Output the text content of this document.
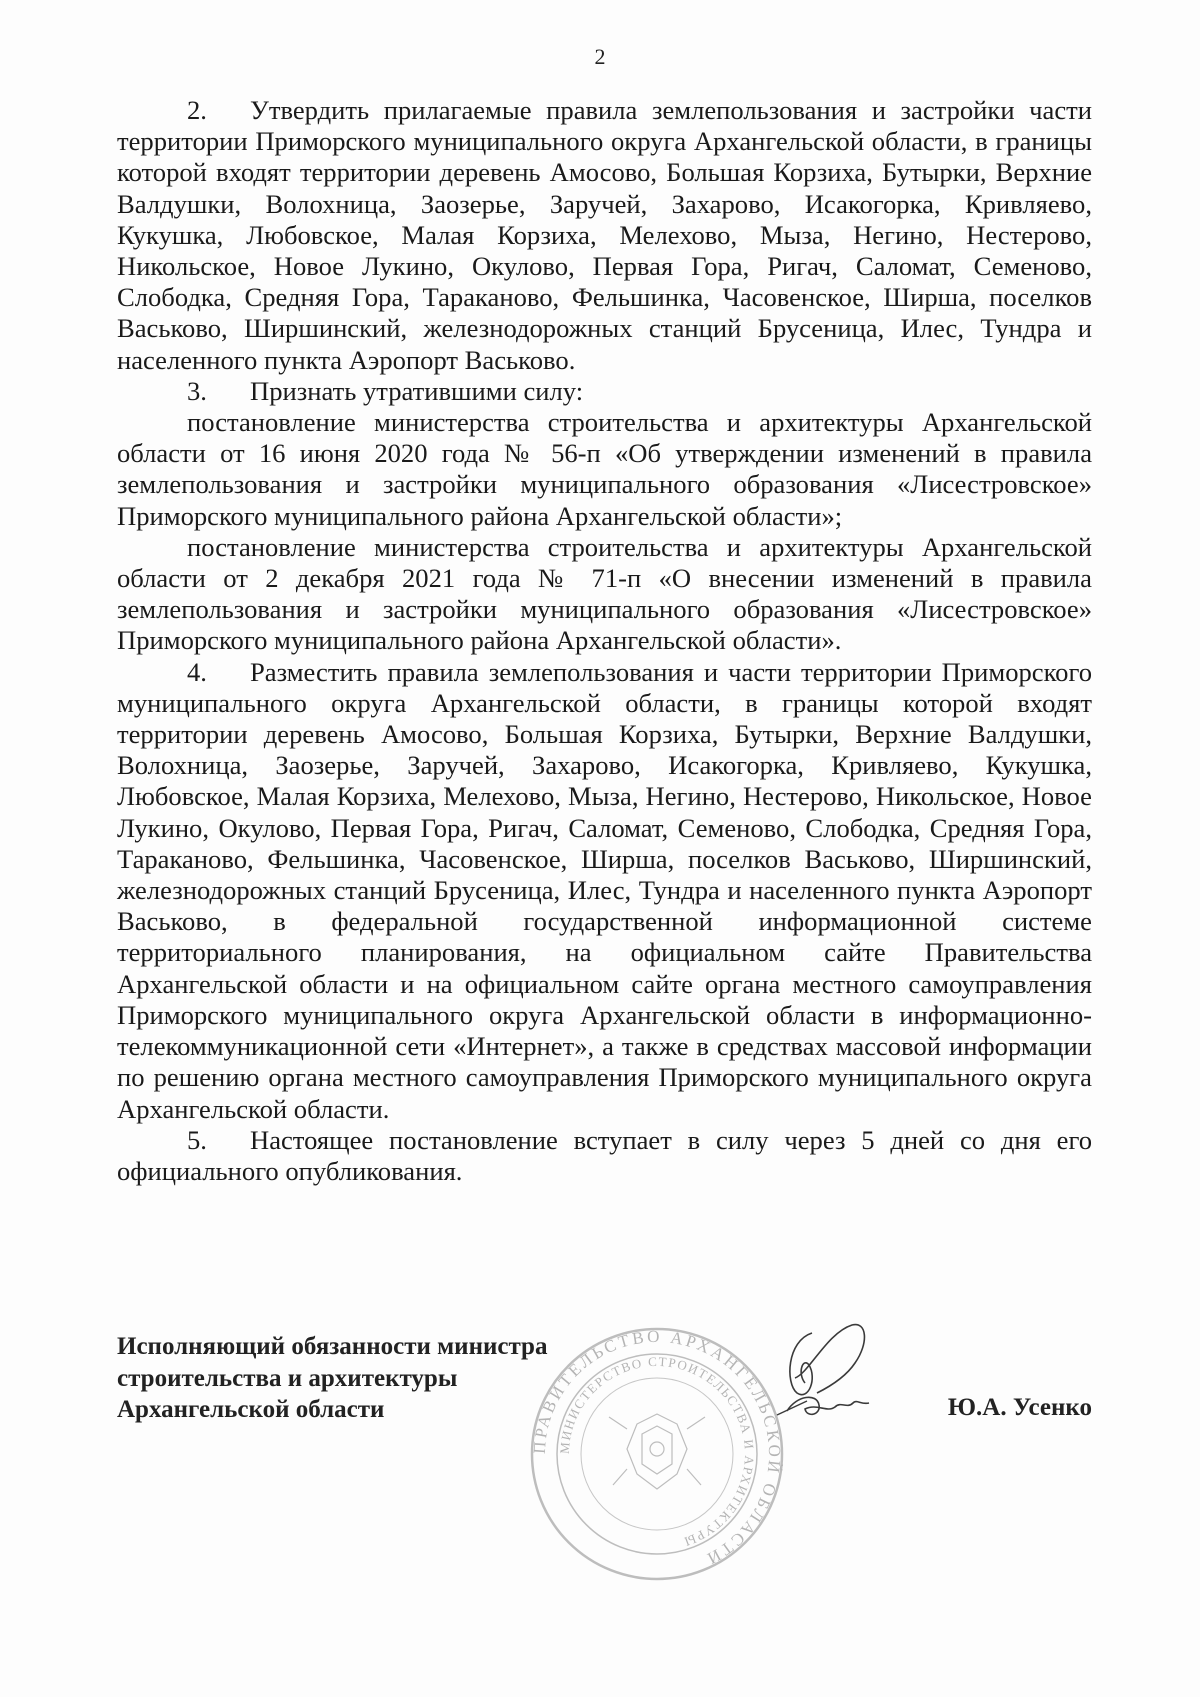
2

2. Утвердить прилагаемые правила землепользования и застройки части территории Приморского муниципального округа Архангельской области, в границы которой входят территории деревень Амосово, Большая Корзиха, Бутырки, Верхние Валдушки, Волохница, Заозерье, Заручей, Захарово, Исакогорка, Кривляево, Кукушка, Любовское, Малая Корзиха, Мелехово, Мыза, Негино, Нестерово, Никольское, Новое Лукино, Окулово, Первая Гора, Ригач, Саломат, Семеново, Слободка, Средняя Гора, Тараканово, Фельшинка, Часовенское, Ширша, поселков Васьково, Ширшинский, железнодорожных станций Брусеница, Илес, Тундра и населенного пункта Аэропорт Васьково.

3. Признать утратившими силу:

постановление министерства строительства и архитектуры Архангельской области от 16 июня 2020 года № 56-п «Об утверждении изменений в правила землепользования и застройки муниципального образования «Лисестровское» Приморского муниципального района Архангельской области»;

постановление министерства строительства и архитектуры Архангельской области от 2 декабря 2021 года № 71-п «О внесении изменений в правила землепользования и застройки муниципального образования «Лисестровское» Приморского муниципального района Архангельской области».

4. Разместить правила землепользования и части территории Приморского муниципального округа Архангельской области, в границы которой входят территории деревень Амосово, Большая Корзиха, Бутырки, Верхние Валдушки, Волохница, Заозерье, Заручей, Захарово, Исакогорка, Кривляево, Кукушка, Любовское, Малая Корзиха, Мелехово, Мыза, Негино, Нестерово, Никольское, Новое Лукино, Окулово, Первая Гора, Ригач, Саломат, Семеново, Слободка, Средняя Гора, Тараканово, Фельшинка, Часовенское, Ширша, поселков Васьково, Ширшинский, железнодорожных станций Брусеница, Илес, Тундра и населенного пункта Аэропорт Васьково, в федеральной государственной информационной системе территориального планирования, на официальном сайте Правительства Архангельской области и на официальном сайте органа местного самоуправления Приморского муниципального округа Архангельской области в информационно-телекоммуникационной сети «Интернет», а также в средствах массовой информации по решению органа местного самоуправления Приморского муниципального округа Архангельской области.

5. Настоящее постановление вступает в силу через 5 дней со дня его официального опубликования.

Исполняющий обязанности министра
строительства и архитектуры
Архангельской области
ПРАВИТЕЛЬСТВО АРХАНГЕЛЬСКОЙ ОБЛАСТИ
МИНИСТЕРСТВО СТРОИТЕЛЬСТВА И АРХИТЕКТУРЫ
Ю.А. Усенко
